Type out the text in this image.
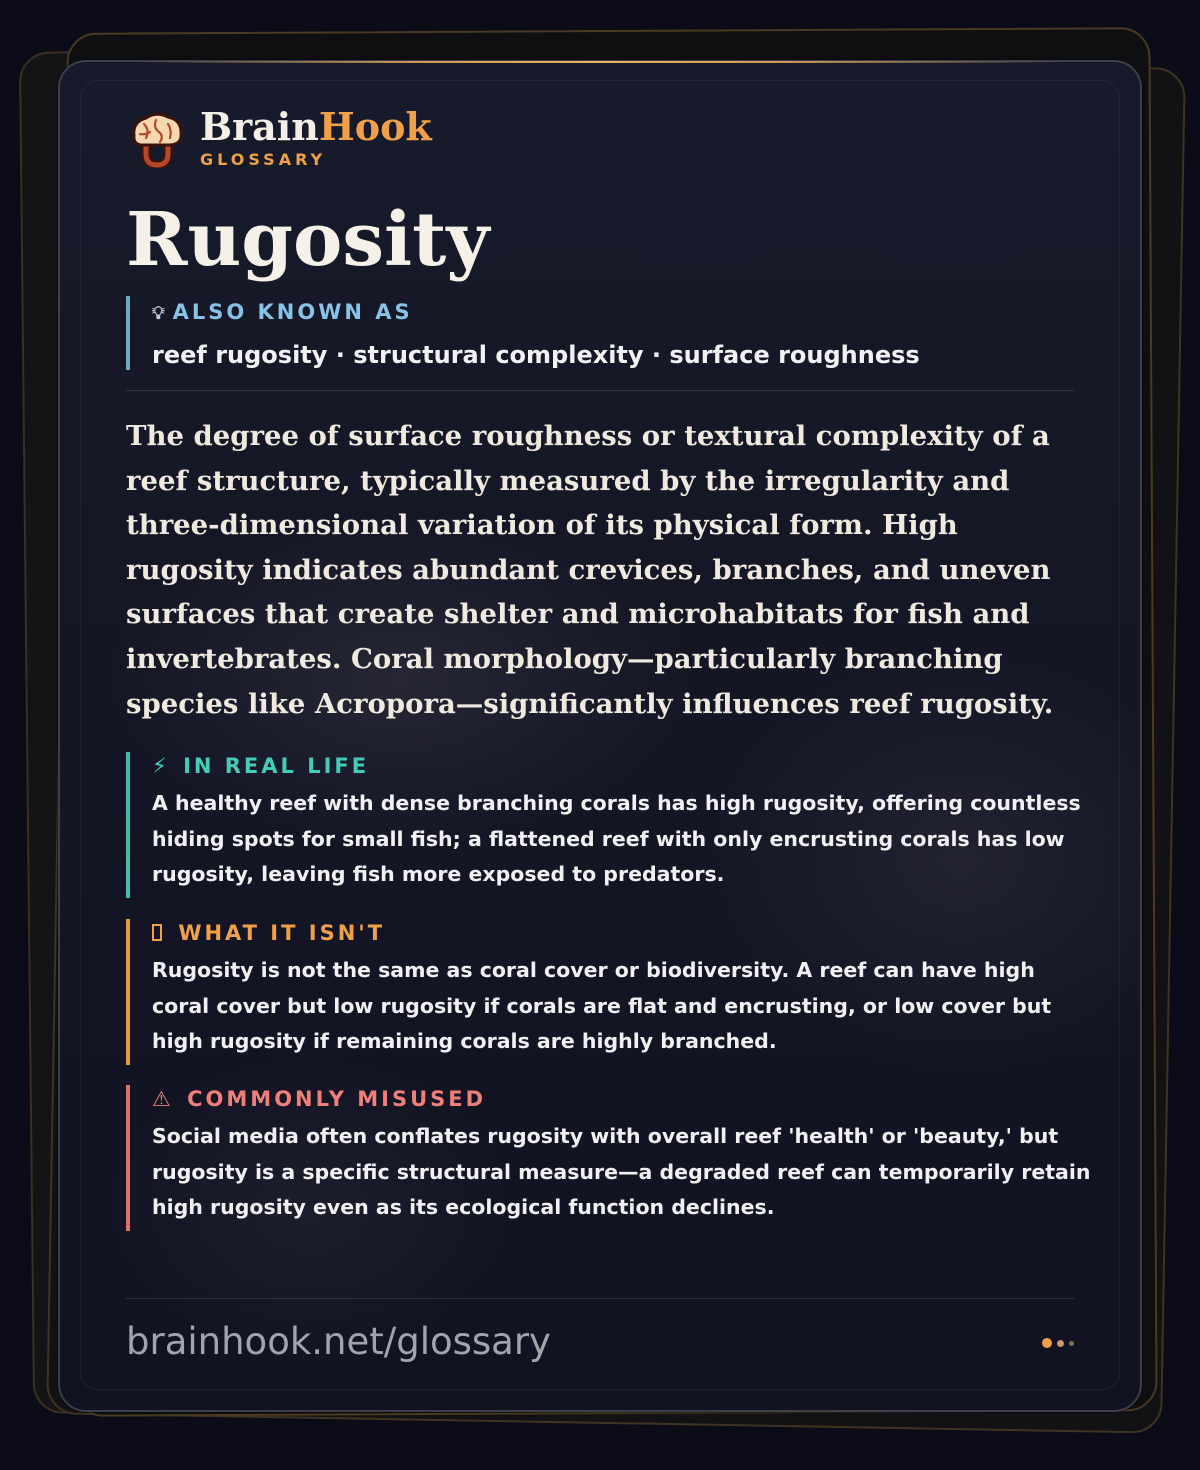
BrainHook
GLOSSARY
Rugosity
💡︎ ALSO KNOWN AS
reef rugosity · structural complexity · surface roughness

The degree of surface roughness or textural complexity of a reef structure, typically measured by the irregularity and three-dimensional variation of its physical form. High rugosity indicates abundant crevices, branches, and uneven surfaces that create shelter and microhabitats for fish and invertebrates. Coral morphology—particularly branching species like Acropora—significantly influences reef rugosity.

⚡︎ IN REAL LIFE
A healthy reef with dense branching corals has high rugosity, offering countless hiding spots for small fish; a flattened reef with only encrusting corals has low rugosity, leaving fish more exposed to predators.
WHAT IT ISN'T
Rugosity is not the same as coral cover or biodiversity. A reef can have high coral cover but low rugosity if corals are flat and encrusting, or low cover but high rugosity if remaining corals are highly branched.
⚠ COMMONLY MISUSED
Social media often conflates rugosity with overall reef 'health' or 'beauty,' but rugosity is a specific structural measure—a degraded reef can temporarily retain high rugosity even as its ecological function declines.
brainhook.net/glossary
